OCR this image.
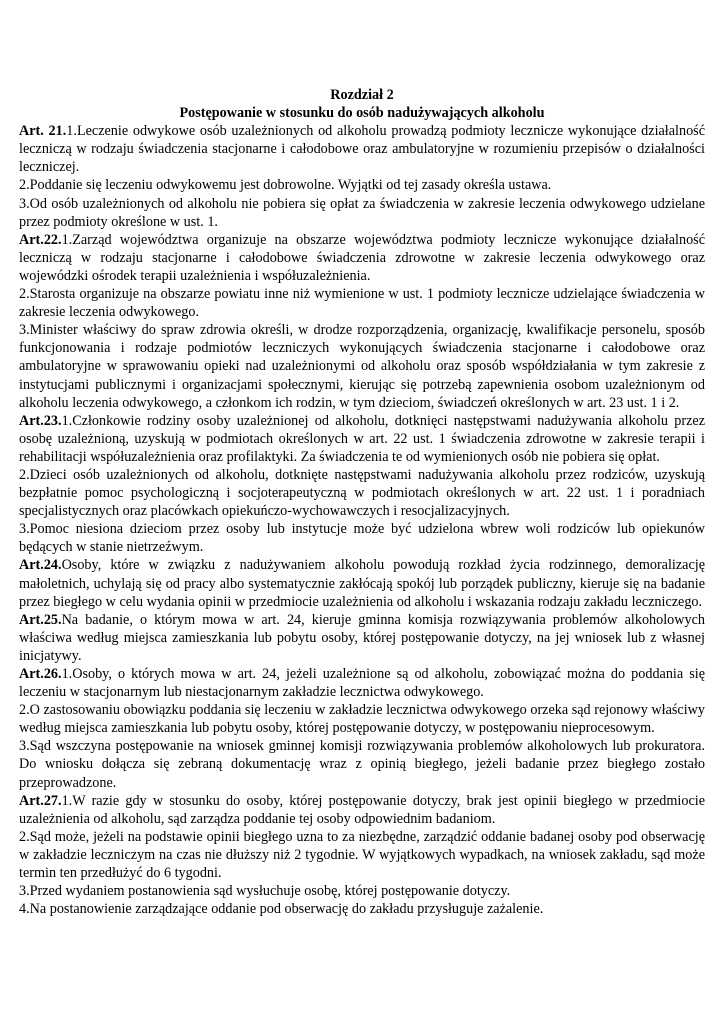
Rozdział 2

Postępowanie w stosunku do osób nadużywających alkoholu

Art. 21.1.Leczenie odwykowe osób uzależnionych od alkoholu prowadzą podmioty lecznicze wykonujące działalność leczniczą w rodzaju świadczenia stacjonarne i całodobowe oraz ambulatoryjne w rozumieniu przepisów o działalności leczniczej.

2.Poddanie się leczeniu odwykowemu jest dobrowolne. Wyjątki od tej zasady określa ustawa.

3.Od osób uzależnionych od alkoholu nie pobiera się opłat za świadczenia w zakresie leczenia odwykowego udzielane przez podmioty określone w ust. 1.

Art.22.1.Zarząd województwa organizuje na obszarze województwa podmioty lecznicze wykonujące działalność leczniczą w rodzaju stacjonarne i całodobowe świadczenia zdrowotne w zakresie leczenia odwykowego oraz wojewódzki ośrodek terapii uzależnienia i współuzależnienia.

2.Starosta organizuje na obszarze powiatu inne niż wymienione w ust. 1 podmioty lecznicze udzielające świadczenia w zakresie leczenia odwykowego.

3.Minister właściwy do spraw zdrowia określi, w drodze rozporządzenia, organizację, kwalifikacje personelu, sposób funkcjonowania i rodzaje podmiotów leczniczych wykonujących świadczenia stacjonarne i całodobowe oraz ambulatoryjne w sprawowaniu opieki nad uzależnionymi od alkoholu oraz sposób współdziałania w tym zakresie z instytucjami publicznymi i organizacjami społecznymi, kierując się potrzebą zapewnienia osobom uzależnionym od alkoholu leczenia odwykowego, a członkom ich rodzin, w tym dzieciom, świadczeń określonych w art. 23 ust. 1 i 2.

Art.23.1.Członkowie rodziny osoby uzależnionej od alkoholu, dotknięci następstwami nadużywania alkoholu przez osobę uzależnioną, uzyskują w podmiotach określonych w art. 22 ust. 1 świadczenia zdrowotne w zakresie terapii i rehabilitacji współuzależnienia oraz profilaktyki. Za świadczenia te od wymienionych osób nie pobiera się opłat.

2.Dzieci osób uzależnionych od alkoholu, dotknięte następstwami nadużywania alkoholu przez rodziców, uzyskują bezpłatnie pomoc psychologiczną i socjoterapeutyczną w podmiotach określonych w art. 22 ust. 1 i poradniach specjalistycznych oraz placówkach opiekuńczo-wychowawczych i resocjalizacyjnych.

3.Pomoc niesiona dzieciom przez osoby lub instytucje może być udzielona wbrew woli rodziców lub opiekunów będących w stanie nietrzeźwym.

Art.24.Osoby, które w związku z nadużywaniem alkoholu powodują rozkład życia rodzinnego, demoralizację małoletnich, uchylają się od pracy albo systematycznie zakłócają spokój lub porządek publiczny, kieruje się na badanie przez biegłego w celu wydania opinii w przedmiocie uzależnienia od alkoholu i wskazania rodzaju zakładu leczniczego.

Art.25.Na badanie, o którym mowa w art. 24, kieruje gminna komisja rozwiązywania problemów alkoholowych właściwa według miejsca zamieszkania lub pobytu osoby, której postępowanie dotyczy, na jej wniosek lub z własnej inicjatywy.

Art.26.1.Osoby, o których mowa w art. 24, jeżeli uzależnione są od alkoholu, zobowiązać można do poddania się leczeniu w stacjonarnym lub niestacjonarnym zakładzie lecznictwa odwykowego.

2.O zastosowaniu obowiązku poddania się leczeniu w zakładzie lecznictwa odwykowego orzeka sąd rejonowy właściwy według miejsca zamieszkania lub pobytu osoby, której postępowanie dotyczy, w postępowaniu nieprocesowym.

3.Sąd wszczyna postępowanie na wniosek gminnej komisji rozwiązywania problemów alkoholowych lub prokuratora. Do wniosku dołącza się zebraną dokumentację wraz z opinią biegłego, jeżeli badanie przez biegłego zostało przeprowadzone.

Art.27.1.W razie gdy w stosunku do osoby, której postępowanie dotyczy, brak jest opinii biegłego w przedmiocie uzależnienia od alkoholu, sąd zarządza poddanie tej osoby odpowiednim badaniom.

2.Sąd może, jeżeli na podstawie opinii biegłego uzna to za niezbędne, zarządzić oddanie badanej osoby pod obserwację w zakładzie leczniczym na czas nie dłuższy niż 2 tygodnie. W wyjątkowych wypadkach, na wniosek zakładu, sąd może termin ten przedłużyć do 6 tygodni.

3.Przed wydaniem postanowienia sąd wysłuchuje osobę, której postępowanie dotyczy.

4.Na postanowienie zarządzające oddanie pod obserwację do zakładu przysługuje zażalenie.
